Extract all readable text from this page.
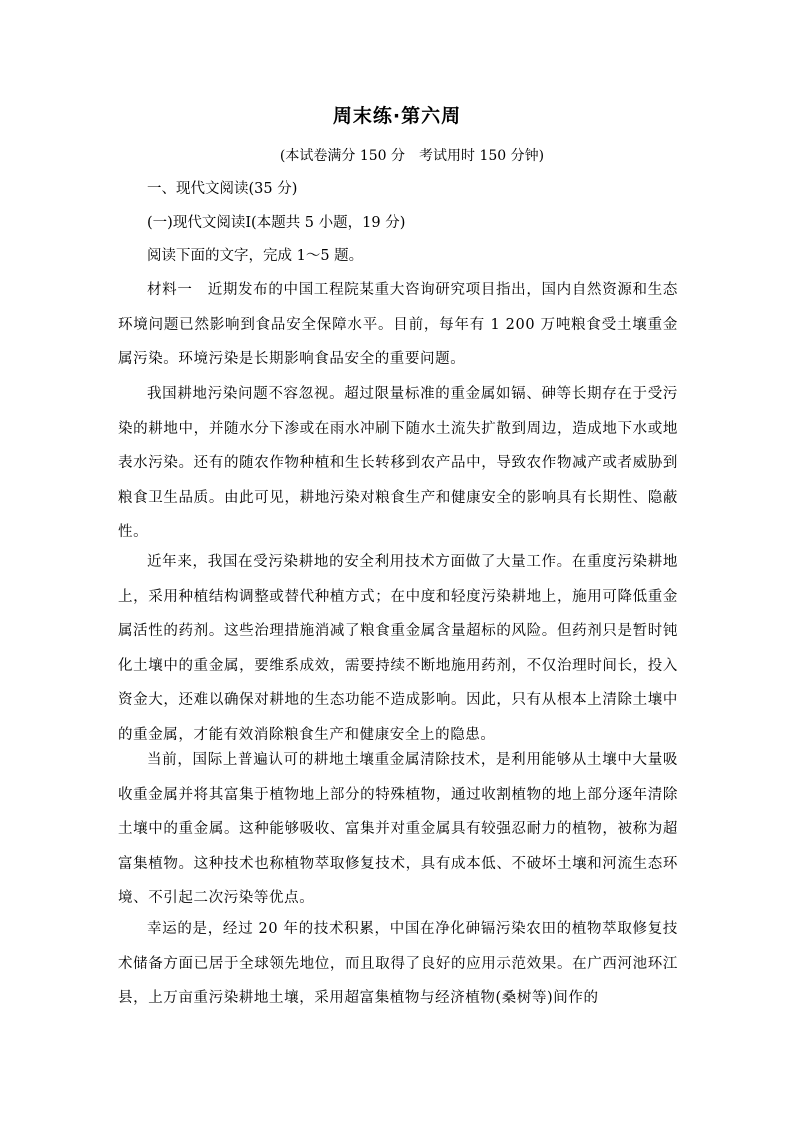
周末练·第六周
(本试卷满分 150 分　考试用时 150 分钟)
一、现代文阅读(35 分)
(一)现代文阅读Ⅰ(本题共 5 小题，19 分)
阅读下面的文字，完成 1～5 题。
材料一　近期发布的中国工程院某重大咨询研究项目指出，国内自然资源和生态环境问题已然影响到食品安全保障水平。目前，每年有 1 200 万吨粮食受土壤重金属污染。环境污染是长期影响食品安全的重要问题。
我国耕地污染问题不容忽视。超过限量标准的重金属如镉、砷等长期存在于受污染的耕地中，并随水分下渗或在雨水冲刷下随水土流失扩散到周边，造成地下水或地表水污染。还有的随农作物种植和生长转移到农产品中，导致农作物减产或者威胁到粮食卫生品质。由此可见，耕地污染对粮食生产和健康安全的影响具有长期性、隐蔽性。
近年来，我国在受污染耕地的安全利用技术方面做了大量工作。在重度污染耕地上，采用种植结构调整或替代种植方式；在中度和轻度污染耕地上，施用可降低重金属活性的药剂。这些治理措施消减了粮食重金属含量超标的风险。但药剂只是暂时钝化土壤中的重金属，要维系成效，需要持续不断地施用药剂，不仅治理时间长，投入资金大，还难以确保对耕地的生态功能不造成影响。因此，只有从根本上清除土壤中的重金属，才能有效消除粮食生产和健康安全上的隐患。
当前，国际上普遍认可的耕地土壤重金属清除技术，是利用能够从土壤中大量吸收重金属并将其富集于植物地上部分的特殊植物，通过收割植物的地上部分逐年清除土壤中的重金属。这种能够吸收、富集并对重金属具有较强忍耐力的植物，被称为超富集植物。这种技术也称植物萃取修复技术，具有成本低、不破坏土壤和河流生态环境、不引起二次污染等优点。
幸运的是，经过 20 年的技术积累，中国在净化砷镉污染农田的植物萃取修复技术储备方面已居于全球领先地位，而且取得了良好的应用示范效果。在广西河池环江县，上万亩重污染耕地土壤，采用超富集植物与经济植物(桑树等)间作的
